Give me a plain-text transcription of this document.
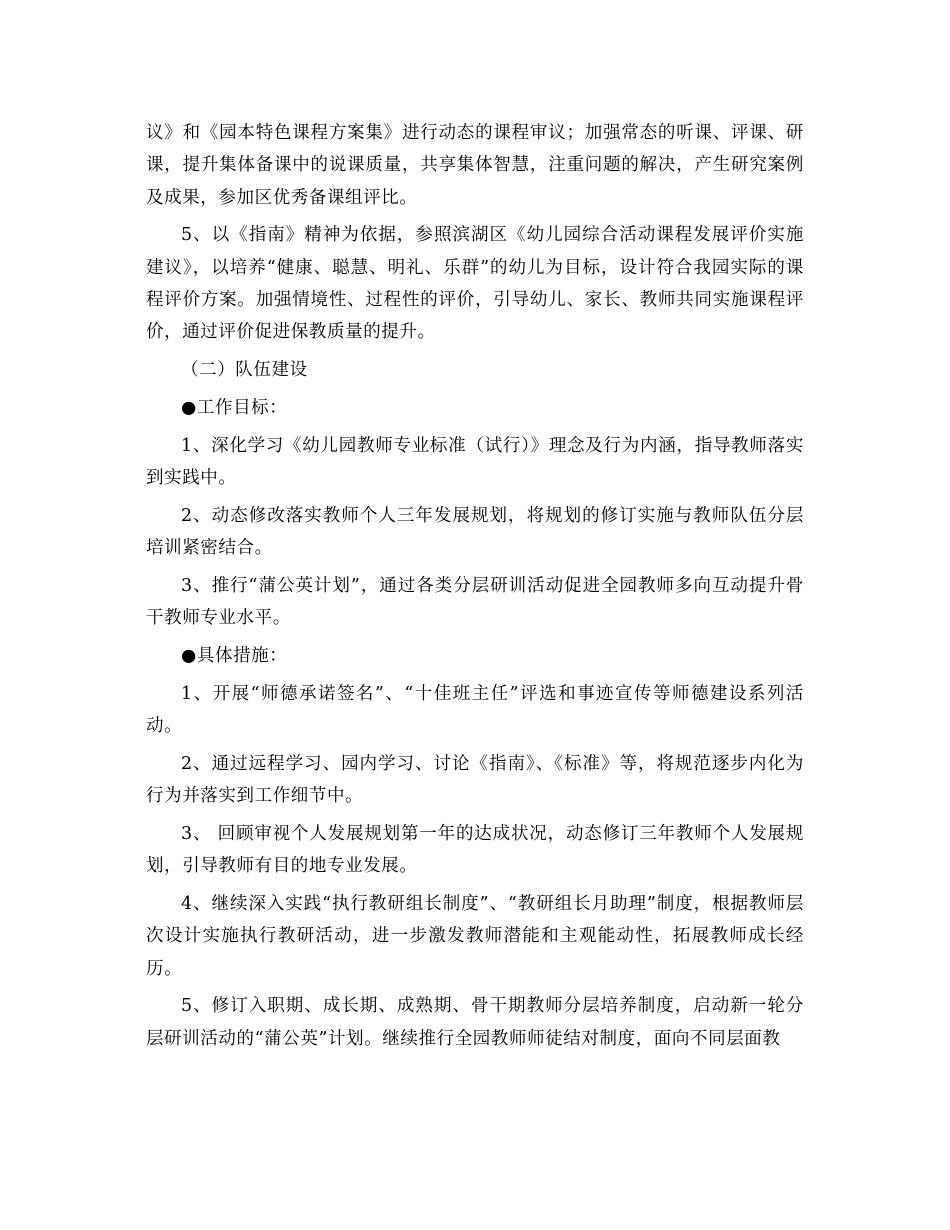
议》和《园本特色课程方案集》进行动态的课程审议；加强常态的听课、评课、研课，提升集体备课中的说课质量，共享集体智慧，注重问题的解决，产生研究案例及成果，参加区优秀备课组评比。

5、以《指南》精神为依据，参照滨湖区《幼儿园综合活动课程发展评价实施建议》，以培养“健康、聪慧、明礼、乐群”的幼儿为目标，设计符合我园实际的课程评价方案。加强情境性、过程性的评价，引导幼儿、家长、教师共同实施课程评价，通过评价促进保教质量的提升。

（二）队伍建设

●工作目标：

1、深化学习《幼儿园教师专业标准（试行）》理念及行为内涵，指导教师落实到实践中。

2、动态修改落实教师个人三年发展规划，将规划的修订实施与教师队伍分层培训紧密结合。

3、推行“蒲公英计划”，通过各类分层研训活动促进全园教师多向互动提升骨干教师专业水平。

●具体措施：

1、开展“师德承诺签名”、“十佳班主任”评选和事迹宣传等师德建设系列活动。

2、通过远程学习、园内学习、讨论《指南》、《标准》等，将规范逐步内化为行为并落实到工作细节中。

3、 回顾审视个人发展规划第一年的达成状况，动态修订三年教师个人发展规划，引导教师有目的地专业发展。

4、继续深入实践“执行教研组长制度”、“教研组长月助理”制度，根据教师层次设计实施执行教研活动，进一步激发教师潜能和主观能动性，拓展教师成长经历。

5、修订入职期、成长期、成熟期、骨干期教师分层培养制度，启动新一轮分层研训活动的“蒲公英”计划。继续推行全园教师师徒结对制度，面向不同层面教
